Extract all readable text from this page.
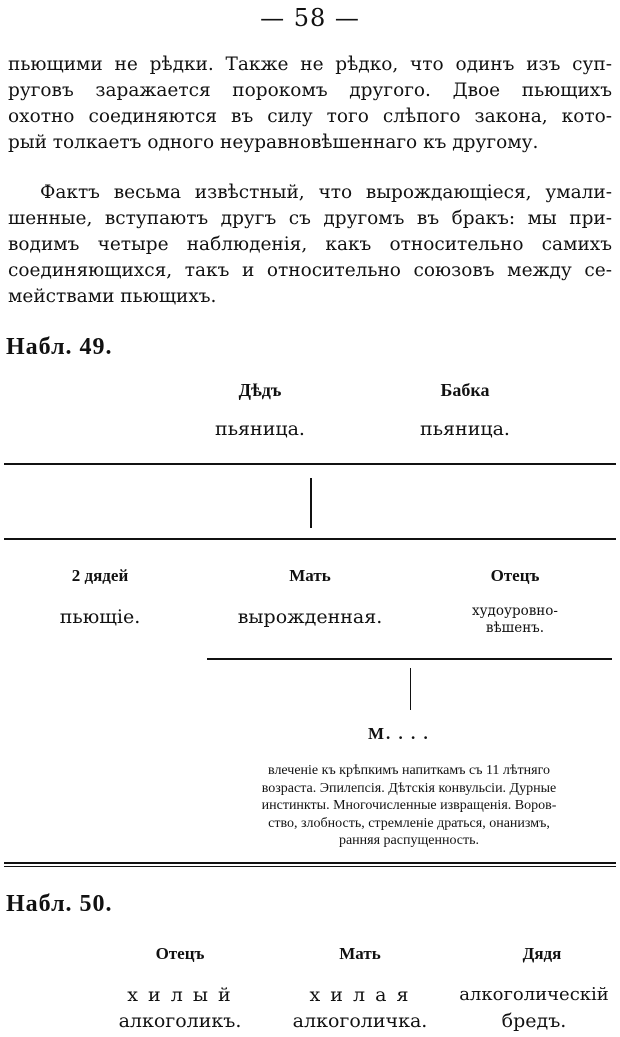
— 58 —
пьющими не рѣдки. Также не рѣдко, что одинъ изъ суп-
руговъ заражается порокомъ другого. Двое пьющихъ
охотно соединяются въ силу того слѣпого закона, кото-
рый толкаетъ одного неуравновѣшеннаго къ другому.
Фактъ весьма извѣстный, что вырождающіеся, умали-
шенные, вступаютъ другъ съ другомъ въ бракъ: мы при-
водимъ четыре наблюденія, какъ относительно самихъ
соединяющихся, такъ и относительно союзовъ между се-
мействами пьющихъ.
Набл. 49.
Дѣдъ
пьяница.
Бабка
пьяница.
2 дядей
пьющіе.
Мать
вырожденная.
Отецъ
худоуровно-
вѣшенъ.
М. . . .
влеченіе къ крѣпкимъ напиткамъ съ 11 лѣтняго
возраста. Эпилепсія. Дѣтскія конвульсіи. Дурные
инстинкты. Многочисленные извращенія. Воров-
ство, злобность, стремленіе драться, онанизмъ,
ранняя распущенность.
Набл. 50.
Отецъ
х и л ы й
алкоголикъ.
Мать
х и л а я
алкоголичка.
Дядя
алкоголическій
бредъ.
